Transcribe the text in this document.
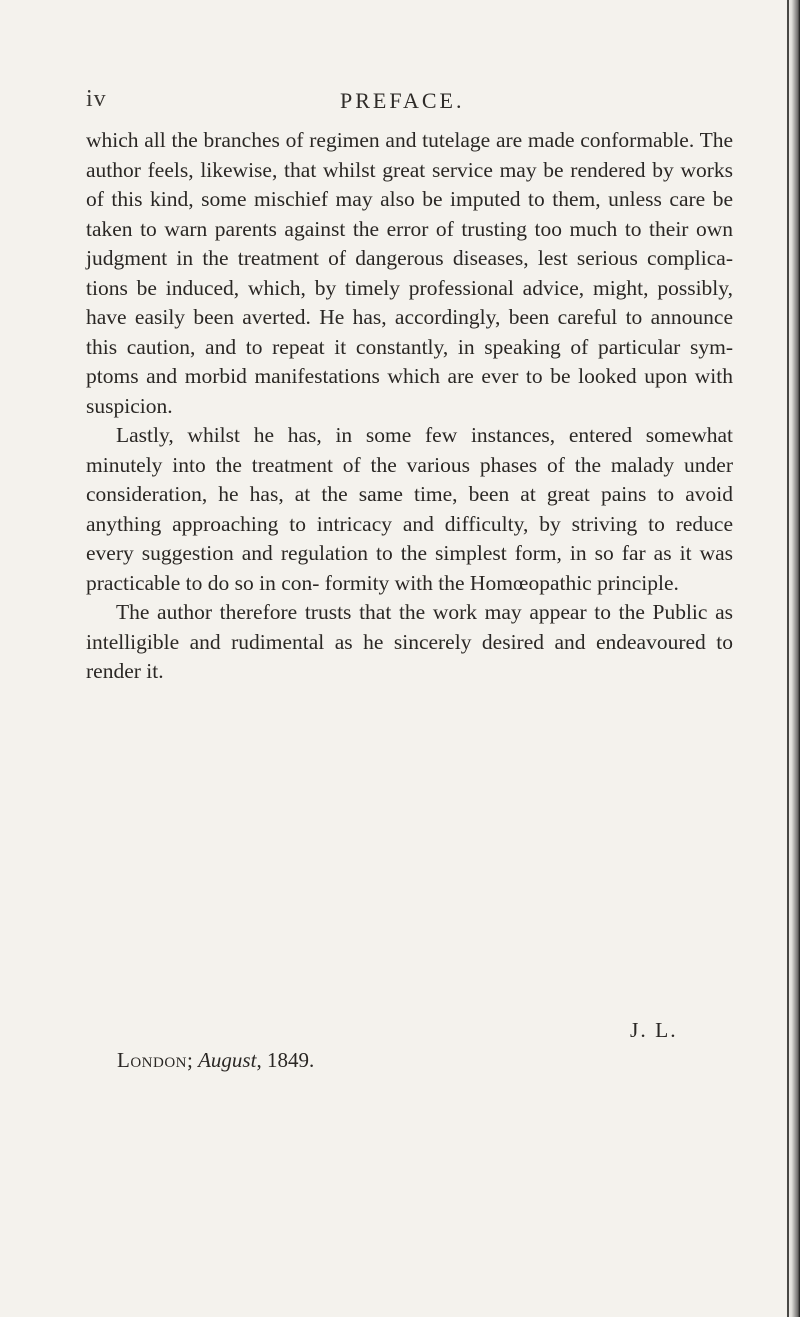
iv	PREFACE.

which all the branches of regimen and tutelage are made conformable. The author feels, likewise, that whilst great service may be rendered by works of this kind, some mischief may also be imputed to them, unless care be taken to warn parents against the error of trusting too much to their own judgment in the treatment of dangerous diseases, lest serious complica- tions be induced, which, by timely professional advice, might, possibly, have easily been averted. He has, accordingly, been careful to announce this caution, and to repeat it constantly, in speaking of particular sym- ptoms and morbid manifestations which are ever to be looked upon with suspicion.

Lastly, whilst he has, in some few instances, entered somewhat minutely into the treatment of the various phases of the malady under consideration, he has, at the same time, been at great pains to avoid anything approaching to intricacy and difficulty, by striving to reduce every suggestion and regulation to the simplest form, in so far as it was practicable to do so in con- formity with the Homœopathic principle.

The author therefore trusts that the work may appear to the Public as intelligible and rudimental as he sincerely desired and endeavoured to render it.

J. L.
London; August, 1849.
